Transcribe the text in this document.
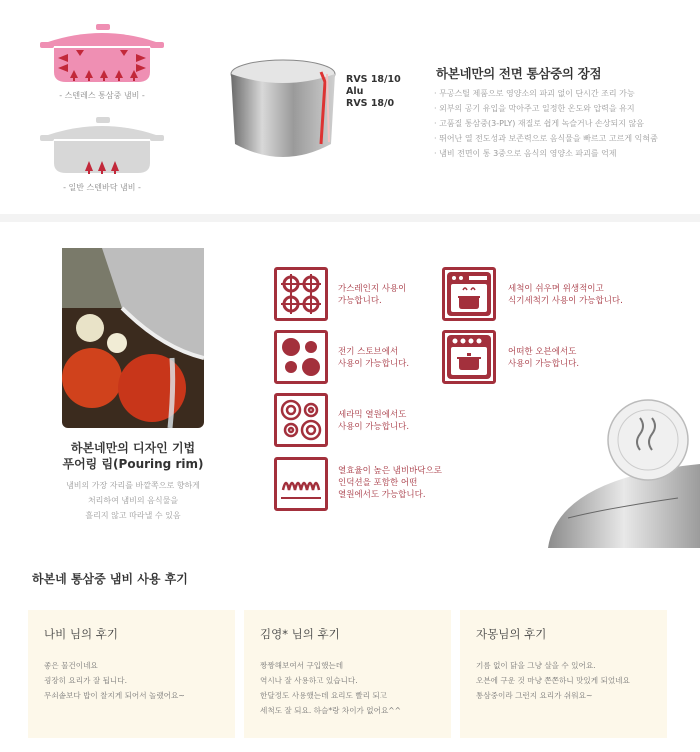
- 스텐레스 통삼중 냄비 -
- 일반 스텐바닥 냄비 -
RVS 18/10
Alu
RVS 18/0
하본네만의 전면 통삼중의 장점
· 무공스틸 제품으로 영양소의 파괴 없이 단시간 조리 가능
· 외부의 공기 유입을 막아주고 일정한 온도와 압력을 유지
· 고품질 통삼중(3-PLY) 재질로 쉽게 녹슬거나 손상되지 않음
· 뛰어난 열 전도성과 보존력으로 음식물을 빠르고 고르게 익혀줌
· 냄비 전면이 통 3중으로 음식의 영양소 파괴를 억제
하본네만의 디자인 기법
푸어링 림(Pouring rim)
냄비의 가장 자리를 바깥쪽으로 향하게
처리하여 냄비의 음식물을
흘리지 않고 따라낼 수 있음
가스레인지 사용이
가능합니다.
전기 스토브에서
사용이 가능합니다.
세라믹 열원에서도
사용이 가능합니다.
열효율이 높은 냄비바닥으로
인덕션을 포함한 어떤
열원에서도 가능합니다.
세척이 쉬우며 위생적이고
식기세척기 사용이 가능합니다.
어떠한 오븐에서도
사용이 가능합니다.
하본네 통삼중 냄비 사용 후기
나비 님의 후기
좋은 물건이네요
굉장히 요리가 잘 됩니다.
무쇠솥보다 밥이 찰지게 되어서 놀랬어요~
김영* 님의 후기
짱짱해보여서 구입했는데
역시나 잘 사용하고 있습니다.
한달정도 사용했는데 요리도 빨리 되고
세척도 잘 되요. 하슬*랑 차이가 없어요^^
자몽님의 후기
기름 없이 닭을 그냥 살을 수 있어요.
오븐에 구운 것 마냥 쫀쫀하니 맛있게 되었네요
통삼중이라 그런지 요리가 쉬워요~
